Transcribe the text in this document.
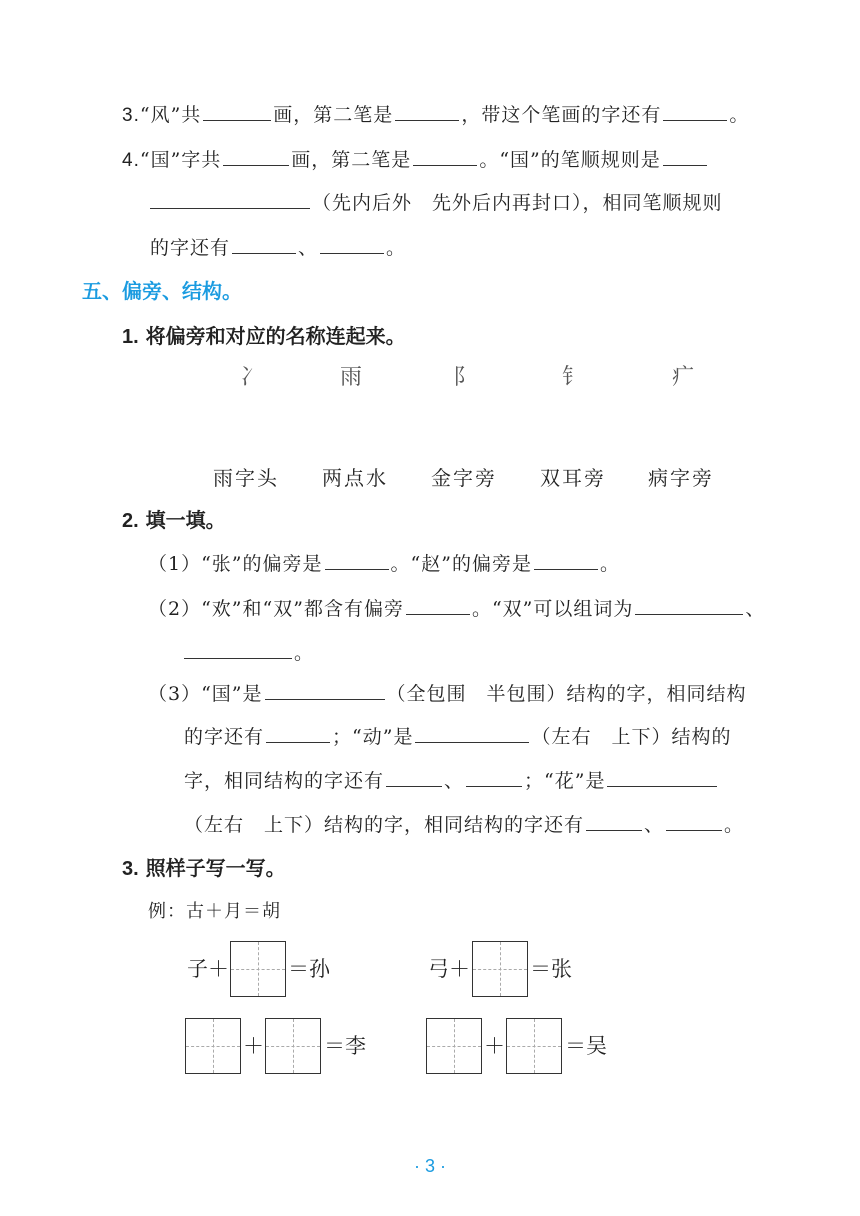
3.“风”共	画，第二笔是	，带这个笔画的字还有	。
4.“国”字共	画，第二笔是	。“国”的笔顺规则是
（先内后外　先外后内再封口），相同笔顺规则
的字还有	、	。
五、偏旁、结构。
1. 将偏旁和对应的名称连起来。
冫	雨	阝	钅	疒
雨字头 两点水 金字旁 双耳旁 病字旁
2. 填一填。
（1）“张”的偏旁是	。“赵”的偏旁是	。
（2）“欢”和“双”都含有偏旁	。“双”可以组词为	、
。
（3）“国”是	（全包围　半包围）结构的字，相同结构
的字还有	；“动”是	（左右　上下）结构的
字，相同结构的字还有	、	；“花”是
（左右　上下）结构的字，相同结构的字还有	、	。
3. 照样子写一写。
例：古＋月＝胡
子＋	＝孙	弓＋	＝张
＋	＝李	＋	＝吴
· 3 ·
